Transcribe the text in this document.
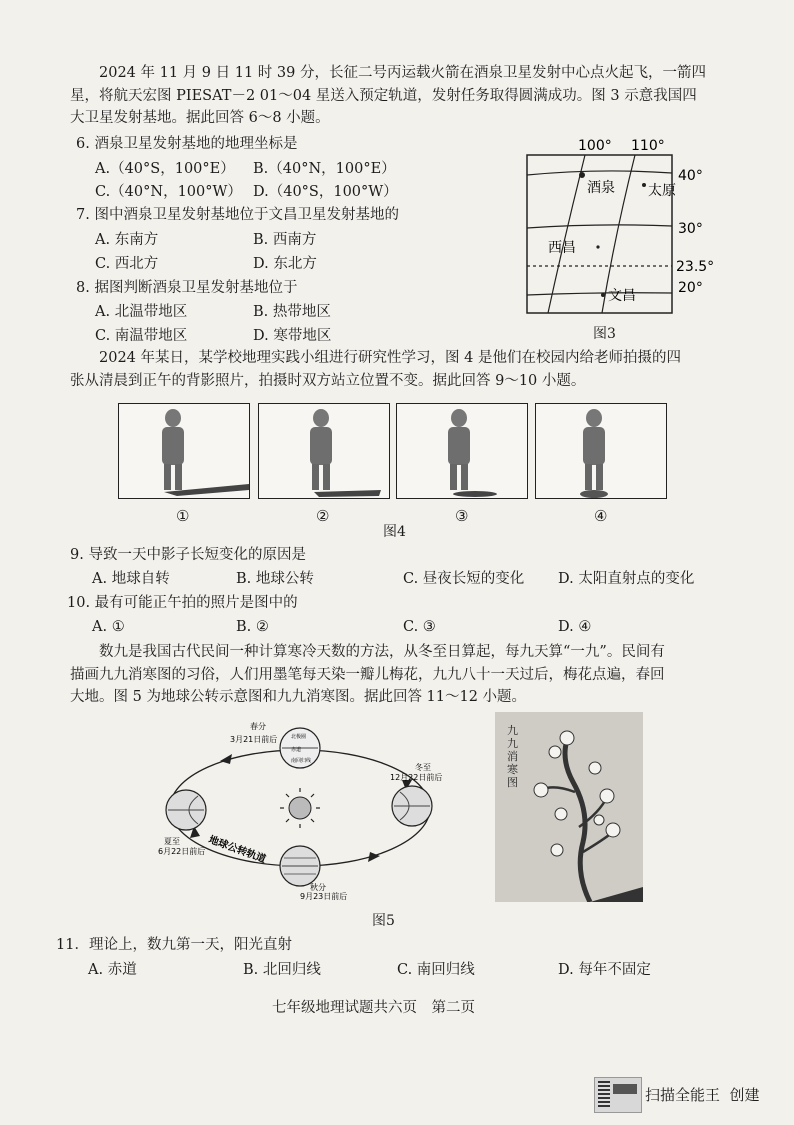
2024 年 11 月 9 日 11 时 39 分，长征二号丙运载火箭在酒泉卫星发射中心点火起飞，一箭四

星，将航天宏图 PIESAT－2 01～04 星送入预定轨道，发射任务取得圆满成功。图 3 示意我国四

大卫星发射基地。据此回答 6～8 小题。

6. 酒泉卫星发射基地的地理坐标是
A.（40°S，100°E） B.（40°N，100°E）
C.（40°N，100°W） D.（40°S，100°W）
7. 图中酒泉卫星发射基地位于文昌卫星发射基地的
A. 东南方	B. 西南方
C. 西北方	D. 东北方
8. 据图判断酒泉卫星发射基地位于
A. 北温带地区	B. 热带地区
C. 南温带地区	D. 寒带地区
100° 110°
40°
30°
23.5°
20°
酒泉 太原
西昌
文昌
图3

2024 年某日，某学校地理实践小组进行研究性学习，图 4 是他们在校园内给老师拍摄的四

张从清晨到正午的背影照片，拍摄时双方站立位置不变。据此回答 9～10 小题。

①	②	③	④
图4
9. 导致一天中影子长短变化的原因是
A. 地球自转	B. 地球公转	C. 昼夜长短的变化 D. 太阳直射点的变化
10. 最有可能正午拍的照片是图中的
A. ①	B. ②	C. ③	D. ④

数九是我国古代民间一种计算寒冷天数的方法，从冬至日算起，每九天算“一九”。民间有

描画九九消寒图的习俗，人们用墨笔每天染一瓣儿梅花，九九八十一天过后，梅花点遍，春回

大地。图 5 为地球公转示意图和九九消寒图。据此回答 11～12 小题。

北极圈
赤道
南回归线
春分
3月21日前后
冬至
12月22日前后
夏至
6月22日前后
秋分
9月23日前后
地球公转轨道
九九消寒图
图5
11．理论上，数九第一天，阳光直射
A. 赤道	B. 北回归线	C. 南回归线	D. 每年不固定
七年级地理试题共六页　第二页
扫描全能王  创建
